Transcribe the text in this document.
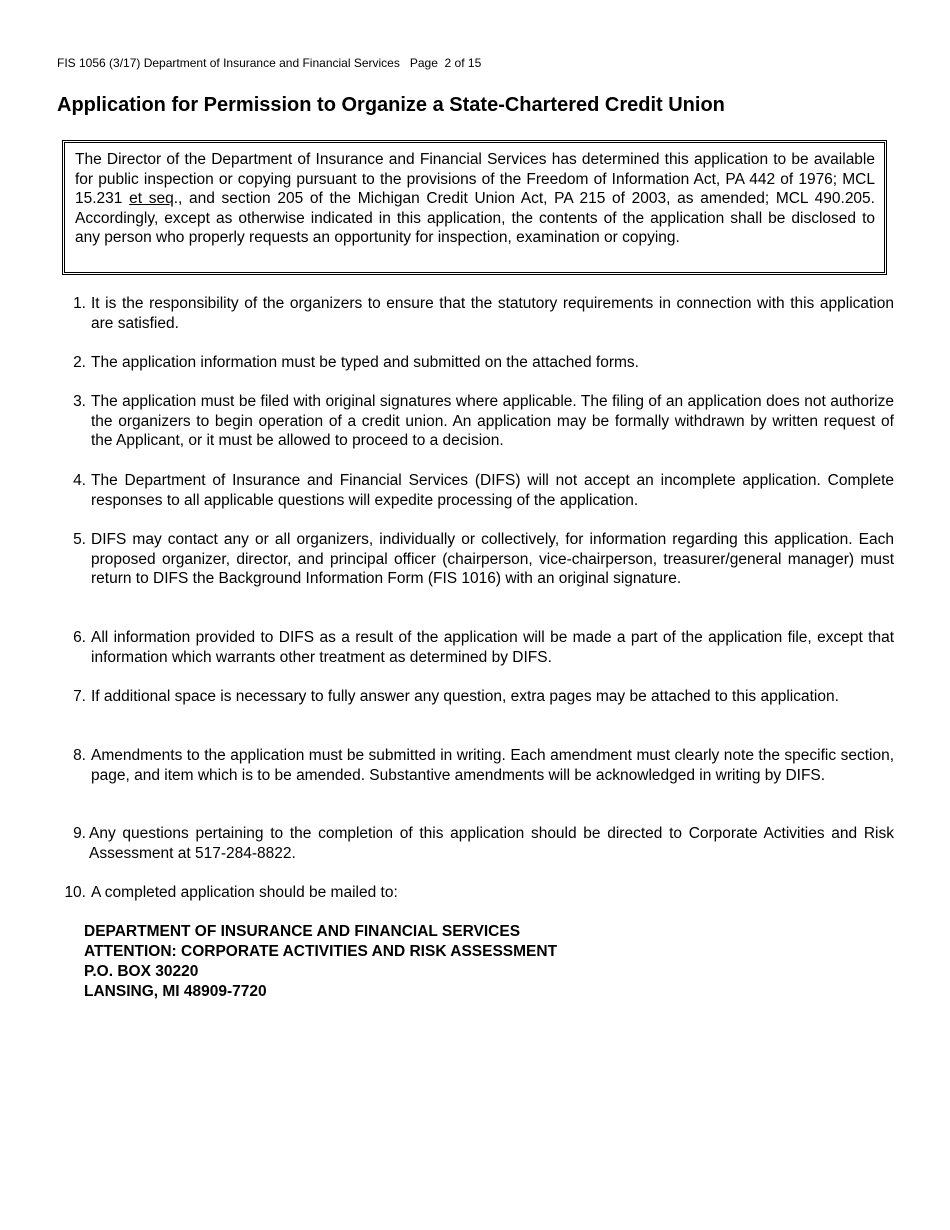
FIS 1056 (3/17) Department of Insurance and Financial Services   Page  2 of 15
Application for Permission to Organize a State-Chartered Credit Union
The Director of the Department of Insurance and Financial Services has determined this application to be available for public inspection or copying pursuant to the provisions of the Freedom of Information Act, PA 442 of 1976; MCL 15.231 et seq., and section 205 of the Michigan Credit Union Act, PA 215 of 2003, as amended; MCL 490.205. Accordingly, except as otherwise indicated in this application, the contents of the application shall be disclosed to any person who properly requests an opportunity for inspection, examination or copying.
1. It is the responsibility of the organizers to ensure that the statutory requirements in connection with this application are satisfied.
2. The application information must be typed and submitted on the attached forms.
3. The application must be filed with original signatures where applicable. The filing of an application does not authorize the organizers to begin operation of a credit union. An application may be formally withdrawn by written request of the Applicant, or it must be allowed to proceed to a decision.
4. The Department of Insurance and Financial Services (DIFS) will not accept an incomplete application. Complete responses to all applicable questions will expedite processing of the application.
5. DIFS may contact any or all organizers, individually or collectively, for information regarding this application. Each proposed organizer, director, and principal officer (chairperson, vice-chairperson, treasurer/general manager) must return to DIFS the Background Information Form (FIS 1016) with an original signature.
6. All information provided to DIFS as a result of the application will be made a part of the application file, except that information which warrants other treatment as determined by DIFS.
7. If additional space is necessary to fully answer any question, extra pages may be attached to this application.
8. Amendments to the application must be submitted in writing. Each amendment must clearly note the specific section, page, and item which is to be amended. Substantive amendments will be acknowledged in writing by DIFS.
9. Any questions pertaining to the completion of this application should be directed to Corporate Activities and Risk Assessment at 517-284-8822.
10. A completed application should be mailed to:
DEPARTMENT OF INSURANCE AND FINANCIAL SERVICES
ATTENTION: CORPORATE ACTIVITIES AND RISK ASSESSMENT
P.O. BOX 30220
LANSING, MI 48909-7720
